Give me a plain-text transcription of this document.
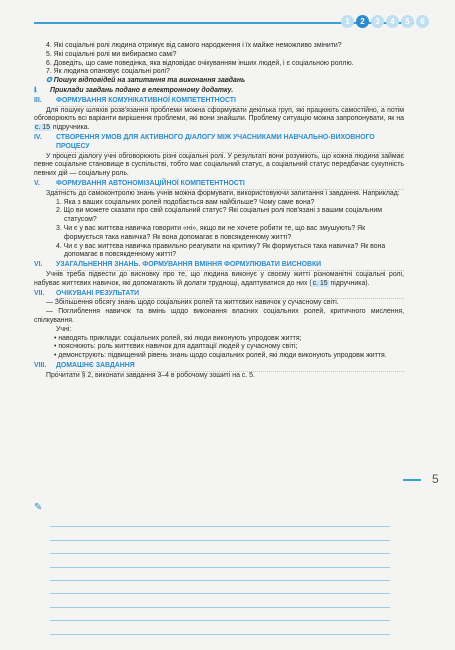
1	2	3	4	5	6
4. Які соціальні ролі людина отримує від самого народження і їх майже неможливо змінити?
5. Які соціальні ролі ми вибираємо самі?
6. Доведіть, що саме поведінка, яка відповідає очікуванням інших людей, і є соціальною роллю.
7. Як людина опановує соціальні ролі?
✪ Пошук відповідей на запитання та виконання завдань
ℹ	Приклади завдань подано в електронному додатку.
III.	ФОРМУВАННЯ КОМУНІКАТИВНОЇ КОМПЕТЕНТНОСТІ

Для пошуку шляхів розв'язання проблеми можна сформувати декілька груп, які працюють самостійно, а потім обговорюють всі варіанти вирішення проблеми, які вони знайшли. Проблему ситуацію можна запропонувати, як на с. 15 підручника.

IV.	СТВОРЕННЯ УМОВ ДЛЯ АКТИВНОГО ДІАЛОГУ МІЖ УЧАСНИКАМИ НАВЧАЛЬНО-ВИХОВНОГО ПРОЦЕСУ

У процесі діалогу учні обговорюють різні соціальні ролі. У результаті вони розуміють, що кожна людина займає певне соціальне становище в суспільстві, тобто має соціальний статус, а соціальний статус передбачає сукупність певних дій — соціальну роль.

V.	ФОРМУВАННЯ АВТОНОМІЗАЦІЙНОЇ КОМПЕТЕНТНОСТІ

Здатність до самоконтролю знань учнів можна формувати, використовуючи запитання і завдання. Наприклад:

1. Яка з ваших соціальних ролей подобається вам найбільше? Чому саме вона?
2. Що ви можете сказати про свій соціальний статус? Які соціальні ролі пов'язані з вашим соціальним статусом?
3. Чи є у вас життєва навичка говорити «ні», якщо ви не хочете робити те, що вас змушують? Як формується така навичка? Як вона допомагає в повсякденному житті?
4. Чи є у вас життєва навичка правильно реагувати на критику? Як формується така навичка? Як вона допомагає в повсякденному житті?
VI.	УЗАГАЛЬНЕННЯ ЗНАНЬ. ФОРМУВАННЯ ВМІННЯ ФОРМУЛЮВАТИ ВИСНОВКИ

Учнів треба підвести до висновку про те, що людина виконує у своєму житті різноманітні соціальні ролі, набуває життєвих навичок, які допомагають їй долати труднощі, адаптуватися до них (с. 15 підручника).

VII.	ОЧІКУВАНІ РЕЗУЛЬТАТИ

— Збільшення обсягу знань щодо соціальних ролей та життєвих навичок у сучасному світі.

— Поглиблення навичок та вмінь щодо виконання власних соціальних ролей, критичного мислення, спілкування.

Учні:

• наводять приклади: соціальних ролей, які люди виконують упродовж життя;
• пояснюють: роль життєвих навичок для адаптації людей у сучасному світі;
• демонструють: підвищений рівень знань щодо соціальних ролей, які люди виконують упродовж життя.
VIII.	ДОМАШНЄ ЗАВДАННЯ

Прочитати § 2, виконати завдання 3–4 в робочому зошиті на с. 5.

5
✎
